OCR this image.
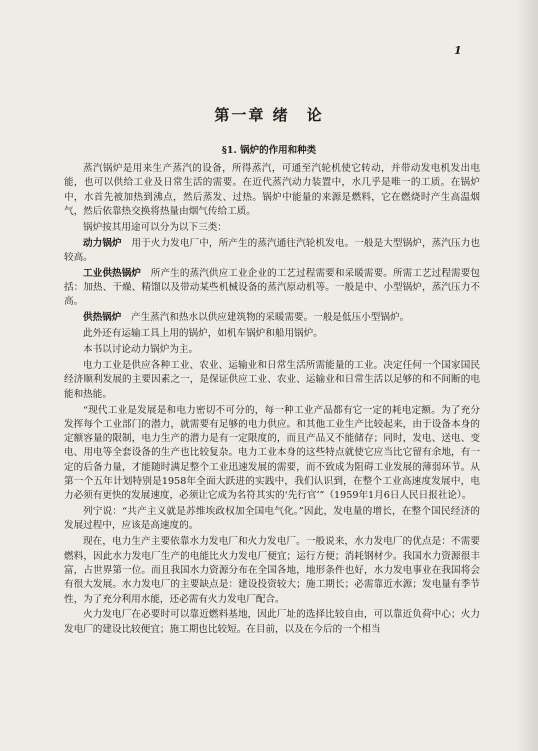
1
第一章 绪　论
§1. 锅炉的作用和种类

蒸汽锅炉是用来生产蒸汽的设备，所得蒸汽，可通至汽轮机使它转动，并带动发电机发出电能，也可以供给工业及日常生活的需要。在近代蒸汽动力装置中，水几乎是唯一的工质。在锅炉中，水首先被加热到沸点，然后蒸发、过热。锅炉中能量的来源是燃料，它在燃烧时产生高温烟气，然后依靠热交换将热量由烟气传给工质。

锅炉按其用途可以分为以下三类：

动力锅炉　用于火力发电厂中，所产生的蒸汽通往汽轮机发电。一般是大型锅炉，蒸汽压力也较高。

工业供热锅炉　所产生的蒸汽供应工业企业的工艺过程需要和采暖需要。所需工艺过程需要包括：加热、干燥、精馏以及带动某些机械设备的蒸汽原动机等。一般是中、小型锅炉，蒸汽压力不高。

供热锅炉　产生蒸汽和热水以供应建筑物的采暖需要。一般是低压小型锅炉。

此外还有运输工具上用的锅炉，如机车锅炉和船用锅炉。

本书以讨论动力锅炉为主。

电力工业是供应各种工业、农业、运输业和日常生活所需能量的工业。决定任何一个国家国民经济顺利发展的主要因素之一，是保证供应工业、农业、运输业和日常生活以足够的和不间断的电能和热能。

“现代工业是发展是和电力密切不可分的，每一种工业产品都有它一定的耗电定额。为了充分发挥每个工业部门的潜力，就需要有足够的电力供应。和其他工业生产比较起来，由于设备本身的定额容量的限制，电力生产的潜力是有一定限度的，而且产品又不能储存；同时，发电、送电、变电、用电等全套设备的生产也比较复杂。电力工业本身的这些特点就使它应当比它留有余地，有一定的后备力量，才能随时满足整个工业迅速发展的需要，而不致成为阻碍工业发展的薄弱环节。从第一个五年计划特别是1958年全面大跃进的实践中，我们认识到，在整个工业高速度发展中，电力必须有更快的发展速度，必须让它成为名符其实的‘先行官’”（1959年1月6日人民日报社论）。

列宁说：“共产主义就是苏维埃政权加全国电气化。”因此，发电量的增长，在整个国民经济的发展过程中，应该是高速度的。

现在，电力生产主要依靠水力发电厂和火力发电厂。一般说来，水力发电厂的优点是：不需要燃料，因此水力发电厂生产的电能比火力发电厂便宜；运行方便；消耗钢材少。我国水力资源很丰富，占世界第一位。而且我国水力资源分布在全国各地，地形条件也好，水力发电事业在我国将会有很大发展。水力发电厂的主要缺点是：建设投资较大；施工期长；必需靠近水源；发电量有季节性，为了充分利用水能，还必需有火力发电厂配合。

火力发电厂在必要时可以靠近燃料基地，因此厂址的选择比较自由，可以靠近负荷中心；火力发电厂的建设比较便宜；施工期也比较短。在目前，以及在今后的一个相当
